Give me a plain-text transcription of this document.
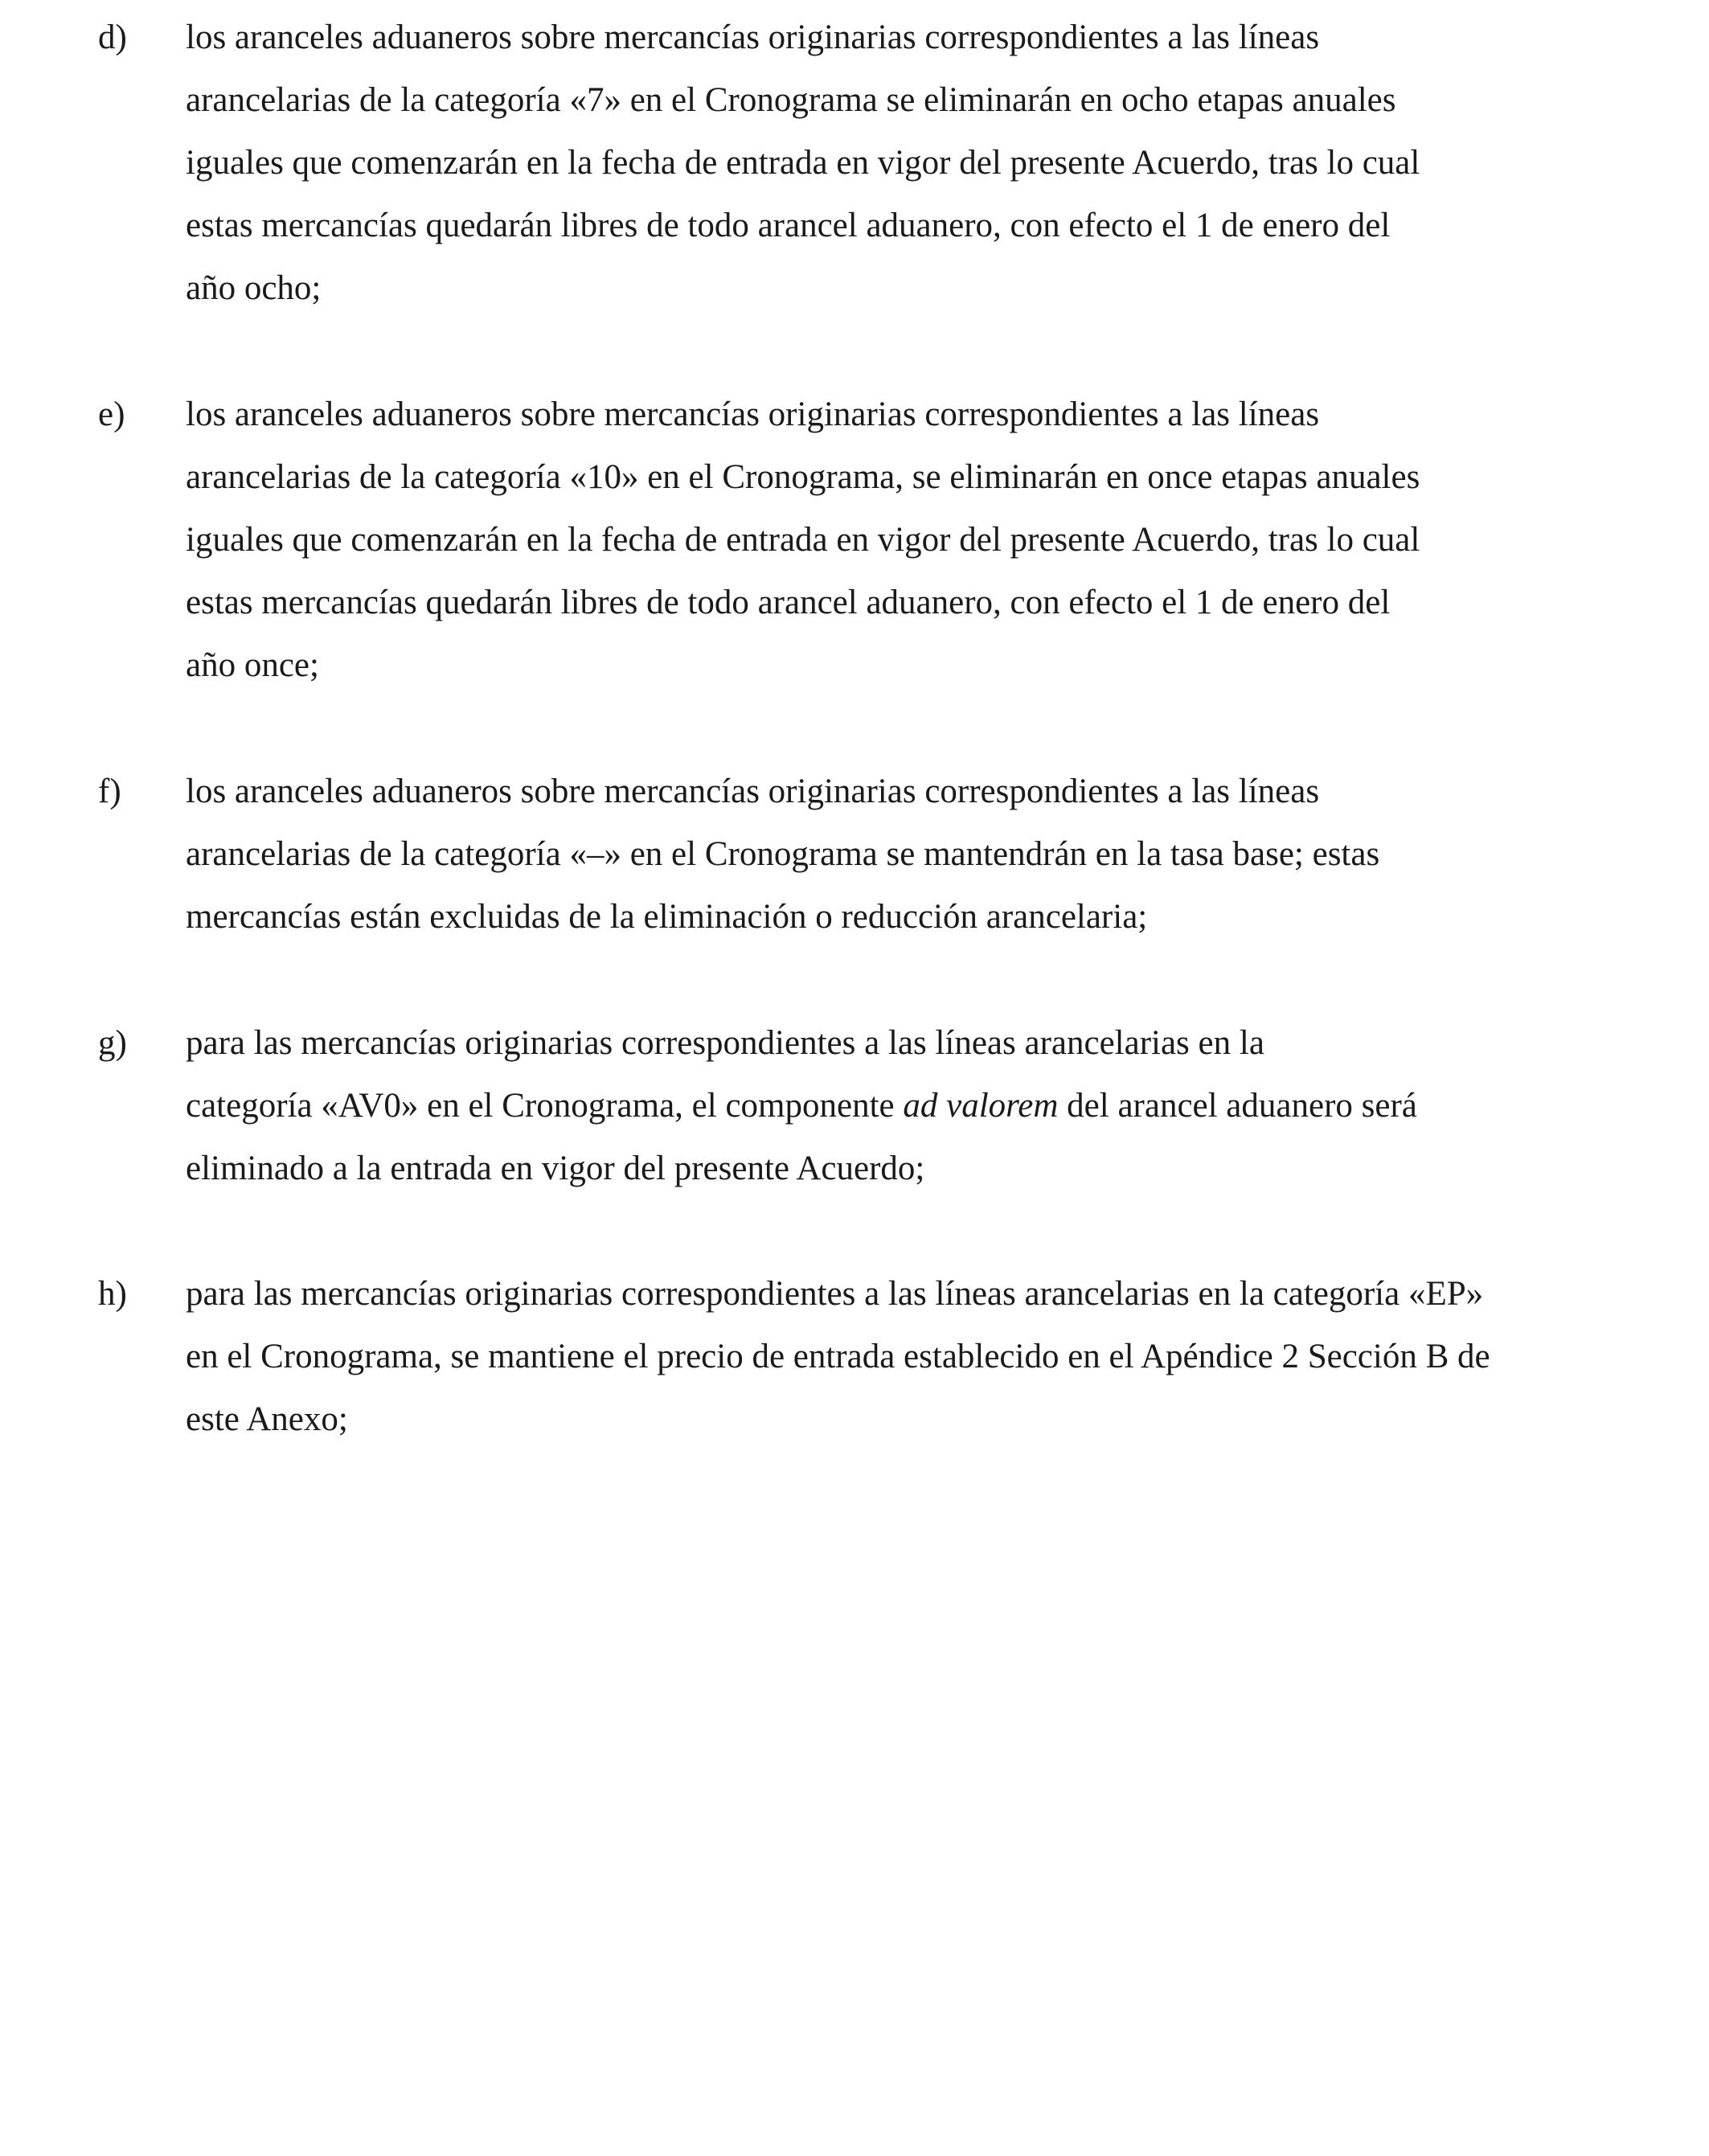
d) los aranceles aduaneros sobre mercancías originarias correspondientes a las líneas
arancelarias de la categoría «7» en el Cronograma se eliminarán en ocho etapas anuales
iguales que comenzarán en la fecha de entrada en vigor del presente Acuerdo, tras lo cual
estas mercancías quedarán libres de todo arancel aduanero, con efecto el 1 de enero del
año ocho;
e) los aranceles aduaneros sobre mercancías originarias correspondientes a las líneas
arancelarias de la categoría «10» en el Cronograma, se eliminarán en once etapas anuales
iguales que comenzarán en la fecha de entrada en vigor del presente Acuerdo, tras lo cual
estas mercancías quedarán libres de todo arancel aduanero, con efecto el 1 de enero del
año once;
f) los aranceles aduaneros sobre mercancías originarias correspondientes a las líneas
arancelarias de la categoría «–» en el Cronograma se mantendrán en la tasa base; estas
mercancías están excluidas de la eliminación o reducción arancelaria;
g) para las mercancías originarias correspondientes a las líneas arancelarias en la
categoría «AV0» en el Cronograma, el componente ad valorem del arancel aduanero será
eliminado a la entrada en vigor del presente Acuerdo;
h) para las mercancías originarias correspondientes a las líneas arancelarias en la categoría «EP»
en el Cronograma, se mantiene el precio de entrada establecido en el Apéndice 2 Sección B de
este Anexo;
